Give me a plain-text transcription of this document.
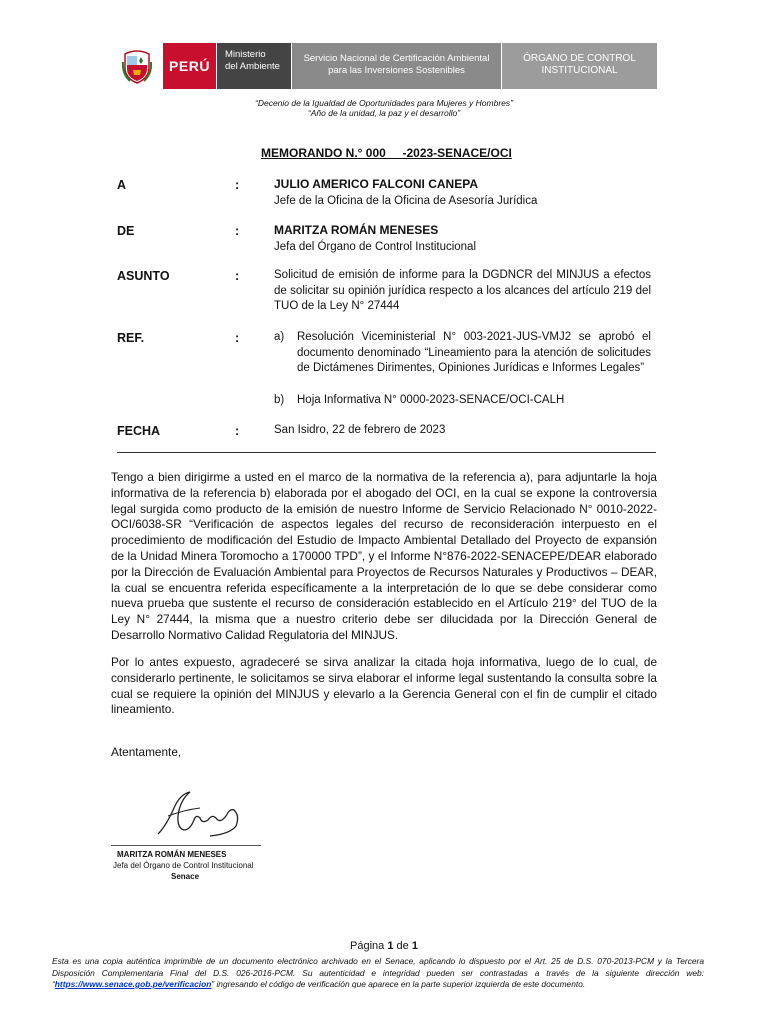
PERÚ
Ministerio
del Ambiente
Servicio Nacional de Certificación Ambiental
para las Inversiones Sostenibles
ÓRGANO DE CONTROL
INSTITUCIONAL
“Decenio de la Igualdad de Oportunidades para Mujeres y Hombres”
“Año de la unidad, la paz y el desarrollo”
MEMORANDO N.° 000     -2023-SENACE/OCI
A	:	JULIO AMERICO FALCONI CANEPA
Jefe de la Oficina de la Oficina de Asesoría Jurídica
DE	:	MARITZA ROMÁN MENESES
Jefa del Órgano de Control Institucional
ASUNTO	:	Solicitud de emisión de informe para la DGDNCR del MINJUS a efectos de solicitar su opinión jurídica respecto a los alcances del artículo 219 del TUO de la Ley N° 27444
REF.	:	a) Resolución Viceministerial N° 003-2021-JUS-VMJ2 se aprobó el documento denominado “Lineamiento para la atención de solicitudes de Dictámenes Dirimentes, Opiniones Jurídicas e Informes Legales”
b) Hoja Informativa N° 0000-2023-SENACE/OCI-CALH
FECHA	:	San Isidro, 22 de febrero de 2023
Tengo a bien dirigirme a usted en el marco de la normativa de la referencia a), para adjuntarle la hoja informativa de la referencia b) elaborada por el abogado del OCI, en la cual se expone la controversia legal surgida como producto de la emisión de nuestro Informe de Servicio Relacionado N° 0010-2022-OCI/6038-SR “Verificación de aspectos legales del recurso de reconsideración interpuesto en el procedimiento de modificación del Estudio de Impacto Ambiental Detallado del Proyecto de expansión de la Unidad Minera Toromocho a 170000 TPD”, y el Informe N°876-2022-SENACEPE/DEAR elaborado por la Dirección de Evaluación Ambiental para Proyectos de Recursos Naturales y Productivos – DEAR, la cual se encuentra referida específicamente a la interpretación de lo que se debe considerar como nueva prueba que sustente el recurso de consideración establecido en el Artículo 219° del TUO de la Ley N° 27444, la misma que a nuestro criterio debe ser dilucidada por la Dirección General de Desarrollo Normativo Calidad Regulatoria del MINJUS.
Por lo antes expuesto, agradeceré se sirva analizar la citada hoja informativa, luego de lo cual, de considerarlo pertinente, le solicitamos se sirva elaborar el informe legal sustentando la consulta sobre la cual se requiere la opinión del MINJUS y elevarlo a la Gerencia General con el fin de cumplir el citado lineamiento.
Atentamente,
MARITZA ROMÁN MENESES
Jefa del Órgano de Control Institucional
Senace
Página 1 de 1
Esta es una copia auténtica imprimible de un documento electrónico archivado en el Senace, aplicando lo dispuesto por el Art. 25 de D.S. 070-2013-PCM y la Tercera Disposición Complementaria Final del D.S. 026-2016-PCM. Su autenticidad e integridad pueden ser contrastadas a través de la siguiente dirección web: “https://www.senace.gob.pe/verificacion” ingresando el código de verificación que aparece en la parte superior izquierda de este documento.
